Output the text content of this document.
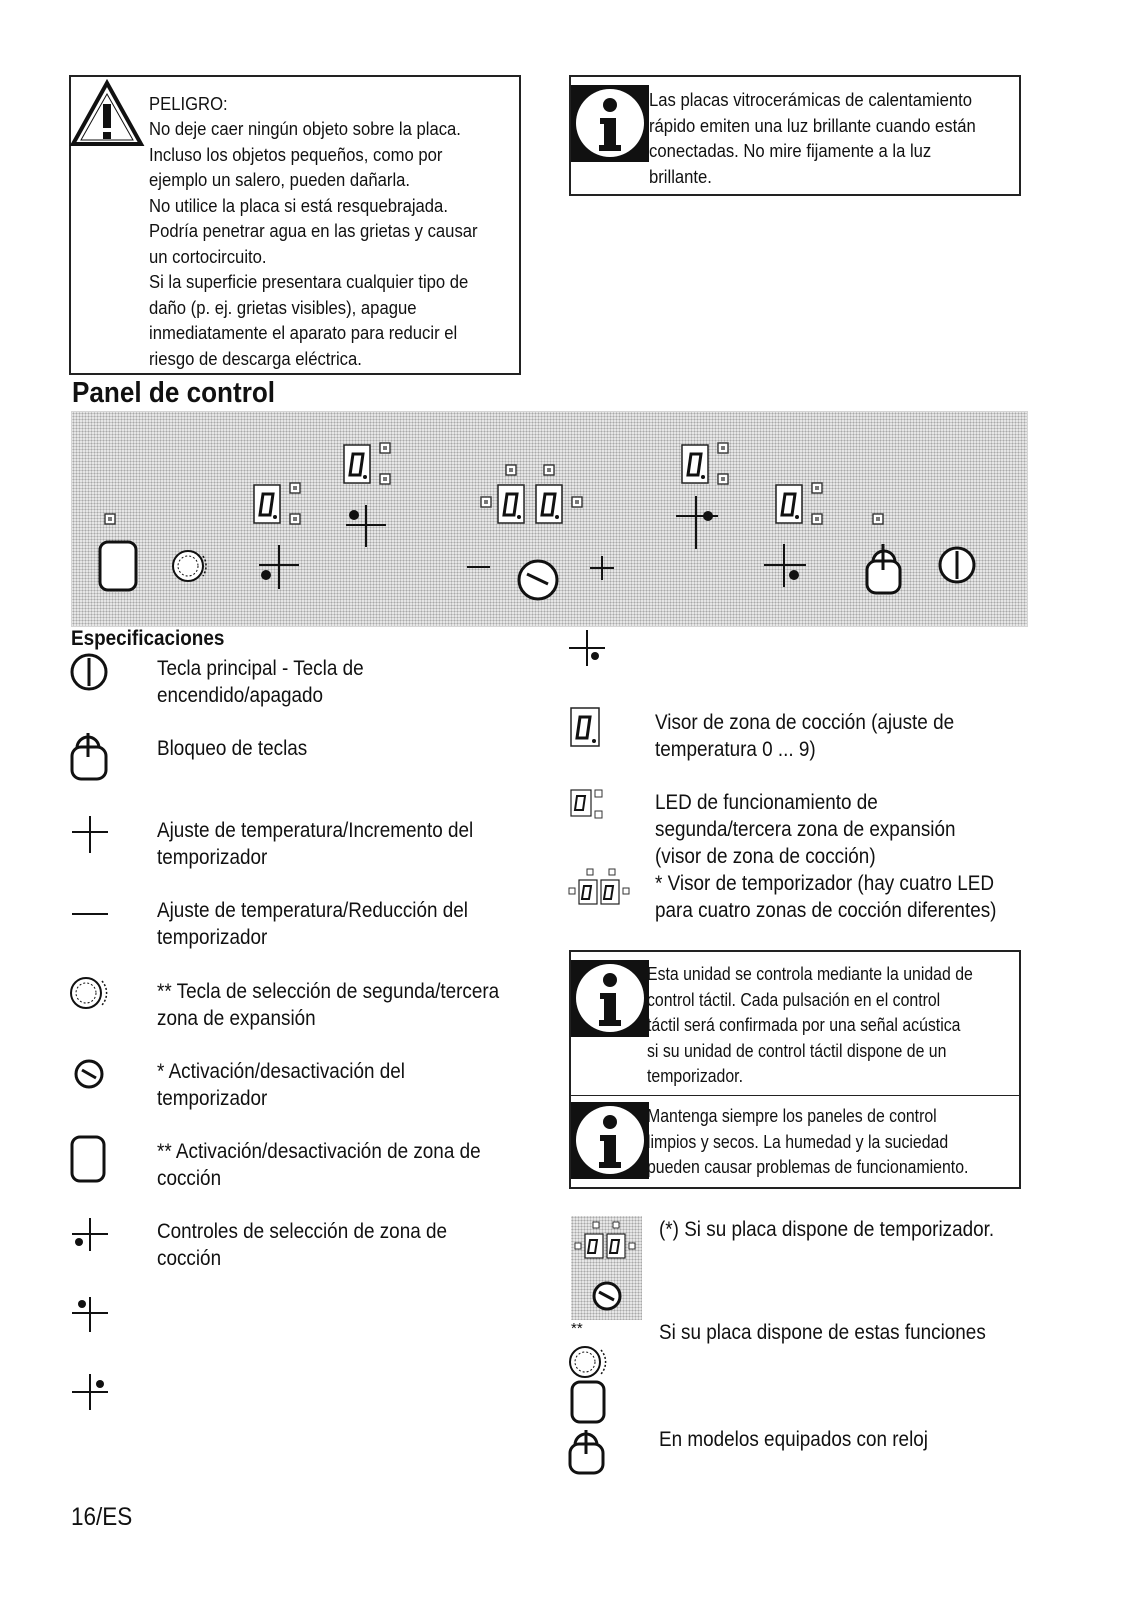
PELIGRO:
No deje caer ningún objeto sobre la placa.
Incluso los objetos pequeños, como por
ejemplo un salero, pueden dañarla.
No utilice la placa si está resquebrajada.
Podría penetrar agua en las grietas y causar
un cortocircuito.
Si la superficie presentara cualquier tipo de
daño (p. ej. grietas visibles), apague
inmediatamente el aparato para reducir el
riesgo de descarga eléctrica.
Las placas vitrocerámicas de calentamiento
rápido emiten una luz brillante cuando están
conectadas. No mire fijamente a la luz
brillante.
Panel de control
Especificaciones
Tecla principal - Tecla de
encendido/apagado
Bloqueo de teclas
Ajuste de temperatura/Incremento del
temporizador
Ajuste de temperatura/Reducción del
temporizador
** Tecla de selección de segunda/tercera
zona de expansión
* Activación/desactivación del
temporizador
** Activación/desactivación de zona de
cocción
Controles de selección de zona de
cocción
Visor de zona de cocción (ajuste de
temperatura 0 ... 9)
LED de funcionamiento de
segunda/tercera zona de expansión
(visor de zona de cocción)
* Visor de temporizador (hay cuatro LED
para cuatro zonas de cocción diferentes)
Esta unidad se controla mediante la unidad de
control táctil. Cada pulsación en el control
táctil será confirmada por una señal acústica
si su unidad de control táctil dispone de un
temporizador.
Mantenga siempre los paneles de control
limpios y secos. La humedad y la suciedad
pueden causar problemas de funcionamiento.
(*) Si su placa dispone de temporizador.
**	Si su placa dispone de estas funciones
En modelos equipados con reloj
16/ES
